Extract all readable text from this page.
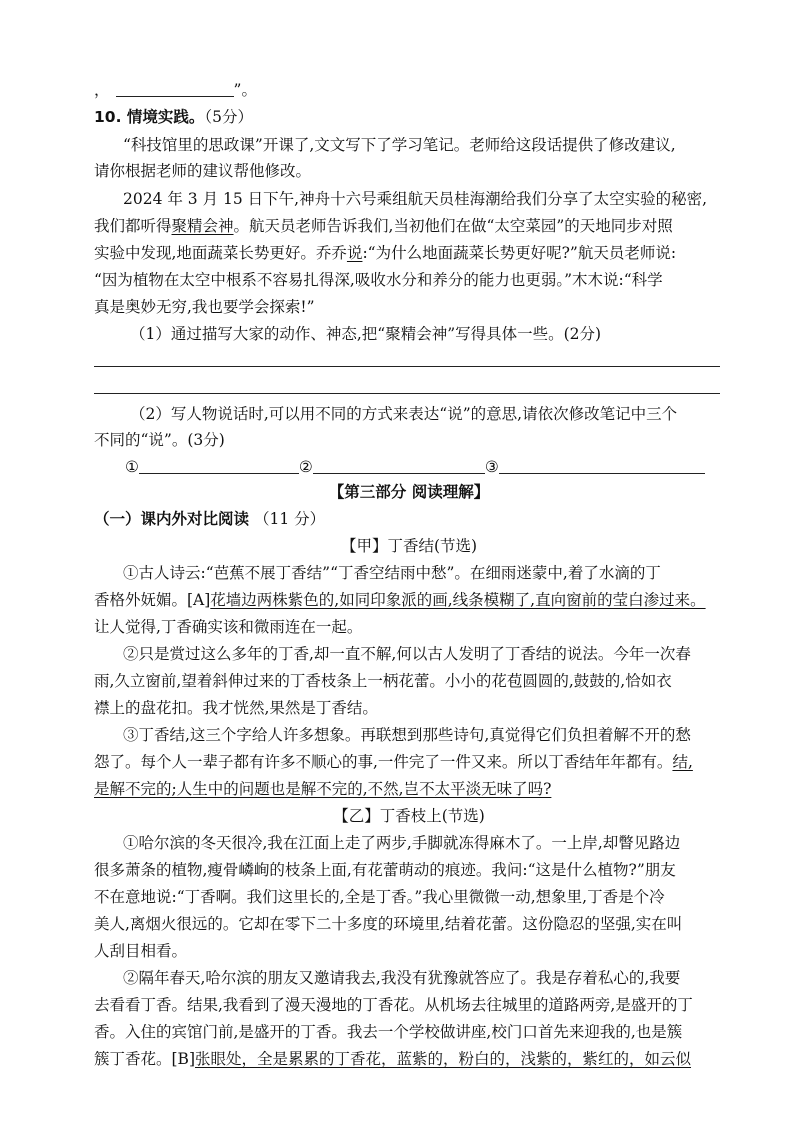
，	”。
10. 情境实践。（5分）
“科技馆里的思政课”开课了,文文写下了学习笔记。老师给这段话提供了修改建议,
请你根据老师的建议帮他修改。
2024 年 3 月 15 日下午,神舟十六号乘组航天员桂海潮给我们分享了太空实验的秘密,
我们都听得聚精会神。航天员老师告诉我们,当初他们在做“太空菜园”的天地同步对照
实验中发现,地面蔬菜长势更好。乔乔说:“为什么地面蔬菜长势更好呢?”航天员老师说:
“因为植物在太空中根系不容易扎得深,吸收水分和养分的能力也更弱。”木木说:“科学
真是奥妙无穷,我也要学会探索!”
（1）通过描写大家的动作、神态,把“聚精会神”写得具体一些。(2分)
（2）写人物说话时,可以用不同的方式来表达“说”的意思,请依次修改笔记中三个
不同的“说”。(3分)
①	②	③
【第三部分 阅读理解】
（一）课内外对比阅读 （11 分）
【甲】丁香结(节选)
①古人诗云:“芭蕉不展丁香结”“丁香空结雨中愁”。在细雨迷蒙中,着了水滴的丁
香格外妩媚。[A]花墙边两株紫色的,如同印象派的画,线条模糊了,直向窗前的莹白渗过来。
让人觉得,丁香确实该和微雨连在一起。
②只是赏过这么多年的丁香,却一直不解,何以古人发明了丁香结的说法。今年一次春
雨,久立窗前,望着斜伸过来的丁香枝条上一柄花蕾。小小的花苞圆圆的,鼓鼓的,恰如衣
襟上的盘花扣。我才恍然,果然是丁香结。
③丁香结,这三个字给人许多想象。再联想到那些诗句,真觉得它们负担着解不开的愁
怨了。每个人一辈子都有许多不顺心的事,一件完了一件又来。所以丁香结年年都有。结,
是解不完的;人生中的问题也是解不完的,不然,岂不太平淡无味了吗?
【乙】丁香枝上(节选)
①哈尔滨的冬天很冷,我在江面上走了两步,手脚就冻得麻木了。一上岸,却瞥见路边
很多萧条的植物,瘦骨嶙峋的枝条上面,有花蕾萌动的痕迹。我问:“这是什么植物?”朋友
不在意地说:“丁香啊。我们这里长的,全是丁香。”我心里微微一动,想象里,丁香是个冷
美人,离烟火很远的。它却在零下二十多度的环境里,结着花蕾。这份隐忍的坚强,实在叫
人刮目相看。
②隔年春天,哈尔滨的朋友又邀请我去,我没有犹豫就答应了。我是存着私心的,我要
去看看丁香。结果,我看到了漫天漫地的丁香花。从机场去往城里的道路两旁,是盛开的丁
香。入住的宾馆门前,是盛开的丁香。我去一个学校做讲座,校门口首先来迎我的,也是簇
簇丁香花。[B]张眼处，全是累累的丁香花，蓝紫的，粉白的，浅紫的，紫红的，如云似
